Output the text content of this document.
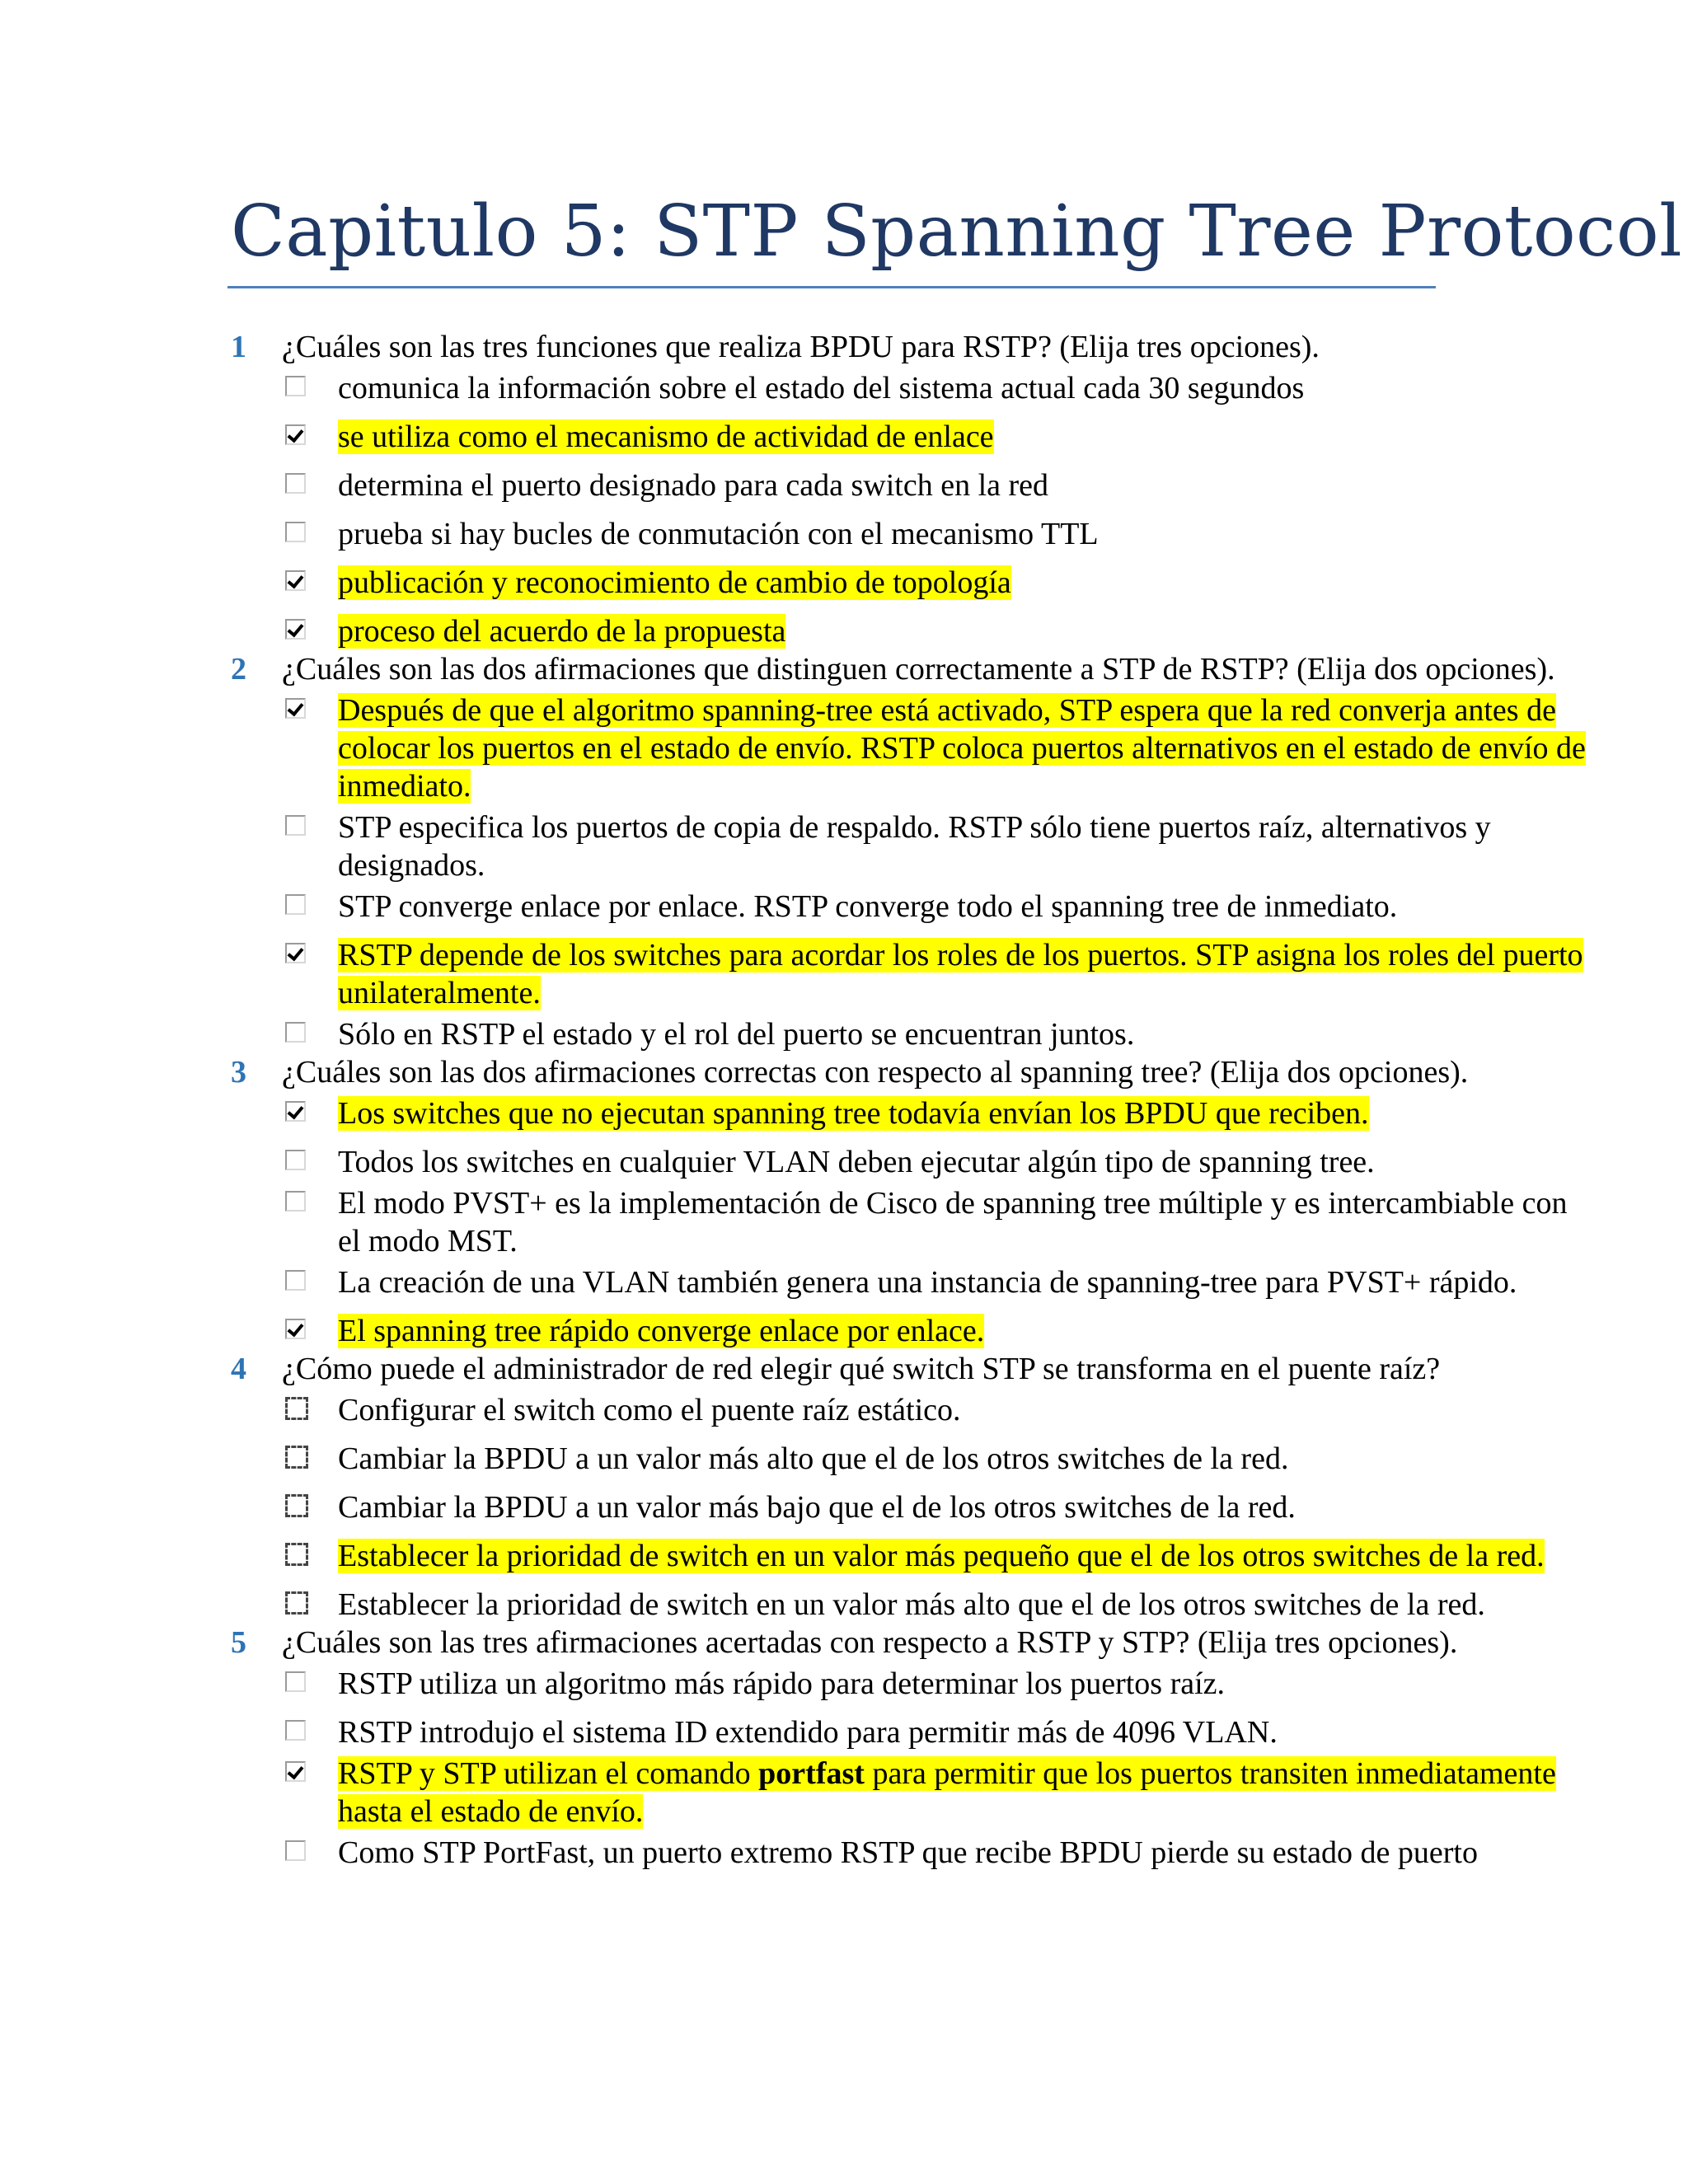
Capitulo 5: STP Spanning Tree Protocol
1 ¿Cuáles son las tres funciones que realiza BPDU para RSTP? (Elija tres opciones).
comunica la información sobre el estado del sistema actual cada 30 segundos
se utiliza como el mecanismo de actividad de enlace
determina el puerto designado para cada switch en la red
prueba si hay bucles de conmutación con el mecanismo TTL
publicación y reconocimiento de cambio de topología
proceso del acuerdo de la propuesta
2 ¿Cuáles son las dos afirmaciones que distinguen correctamente a STP de RSTP? (Elija dos opciones).
Después de que el algoritmo spanning-tree está activado, STP espera que la red converja antes de colocar los puertos en el estado de envío. RSTP coloca puertos alternativos en el estado de envío de inmediato.
STP especifica los puertos de copia de respaldo. RSTP sólo tiene puertos raíz, alternativos y designados.
STP converge enlace por enlace. RSTP converge todo el spanning tree de inmediato.
RSTP depende de los switches para acordar los roles de los puertos. STP asigna los roles del puerto unilateralmente.
Sólo en RSTP el estado y el rol del puerto se encuentran juntos.
3 ¿Cuáles son las dos afirmaciones correctas con respecto al spanning tree? (Elija dos opciones).
Los switches que no ejecutan spanning tree todavía envían los BPDU que reciben.
Todos los switches en cualquier VLAN deben ejecutar algún tipo de spanning tree.
El modo PVST+ es la implementación de Cisco de spanning tree múltiple y es intercambiable con el modo MST.
La creación de una VLAN también genera una instancia de spanning-tree para PVST+ rápido.
El spanning tree rápido converge enlace por enlace.
4 ¿Cómo puede el administrador de red elegir qué switch STP se transforma en el puente raíz?
Configurar el switch como el puente raíz estático.
Cambiar la BPDU a un valor más alto que el de los otros switches de la red.
Cambiar la BPDU a un valor más bajo que el de los otros switches de la red.
Establecer la prioridad de switch en un valor más pequeño que el de los otros switches de la red.
Establecer la prioridad de switch en un valor más alto que el de los otros switches de la red.
5 ¿Cuáles son las tres afirmaciones acertadas con respecto a RSTP y STP? (Elija tres opciones).
RSTP utiliza un algoritmo más rápido para determinar los puertos raíz.
RSTP introdujo el sistema ID extendido para permitir más de 4096 VLAN.
RSTP y STP utilizan el comando portfast para permitir que los puertos transiten inmediatamente hasta el estado de envío.
Como STP PortFast, un puerto extremo RSTP que recibe BPDU pierde su estado de puerto
